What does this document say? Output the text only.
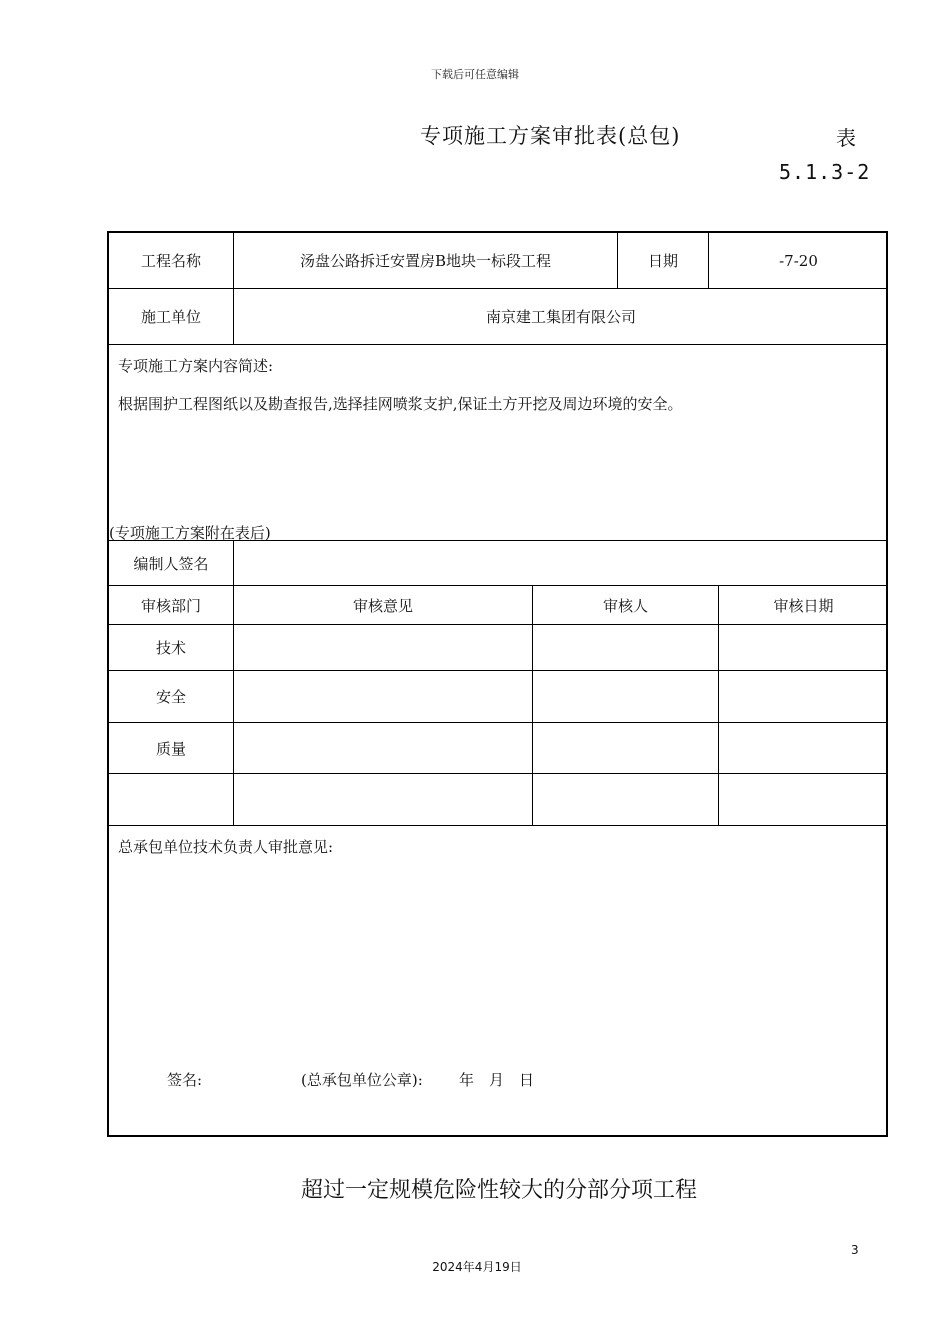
下载后可任意编辑
专项施工方案审批表(总包)	表
5.1.3-2
工程名称	汤盘公路拆迁安置房B地块一标段工程	日期	-7-20
施工单位	南京建工集团有限公司
专项施工方案内容简述:
根据围护工程图纸以及勘查报告,选择挂网喷浆支护,保证土方开挖及周边环境的安全。
(专项施工方案附在表后)
编制人签名
审核部门	审核意见	审核人	审核日期
技术
安全
质量
总承包单位技术负责人审批意见:
签名:	(总承包单位公章): 年　月　日
超过一定规模危险性较大的分部分项工程
3
2024年4月19日
